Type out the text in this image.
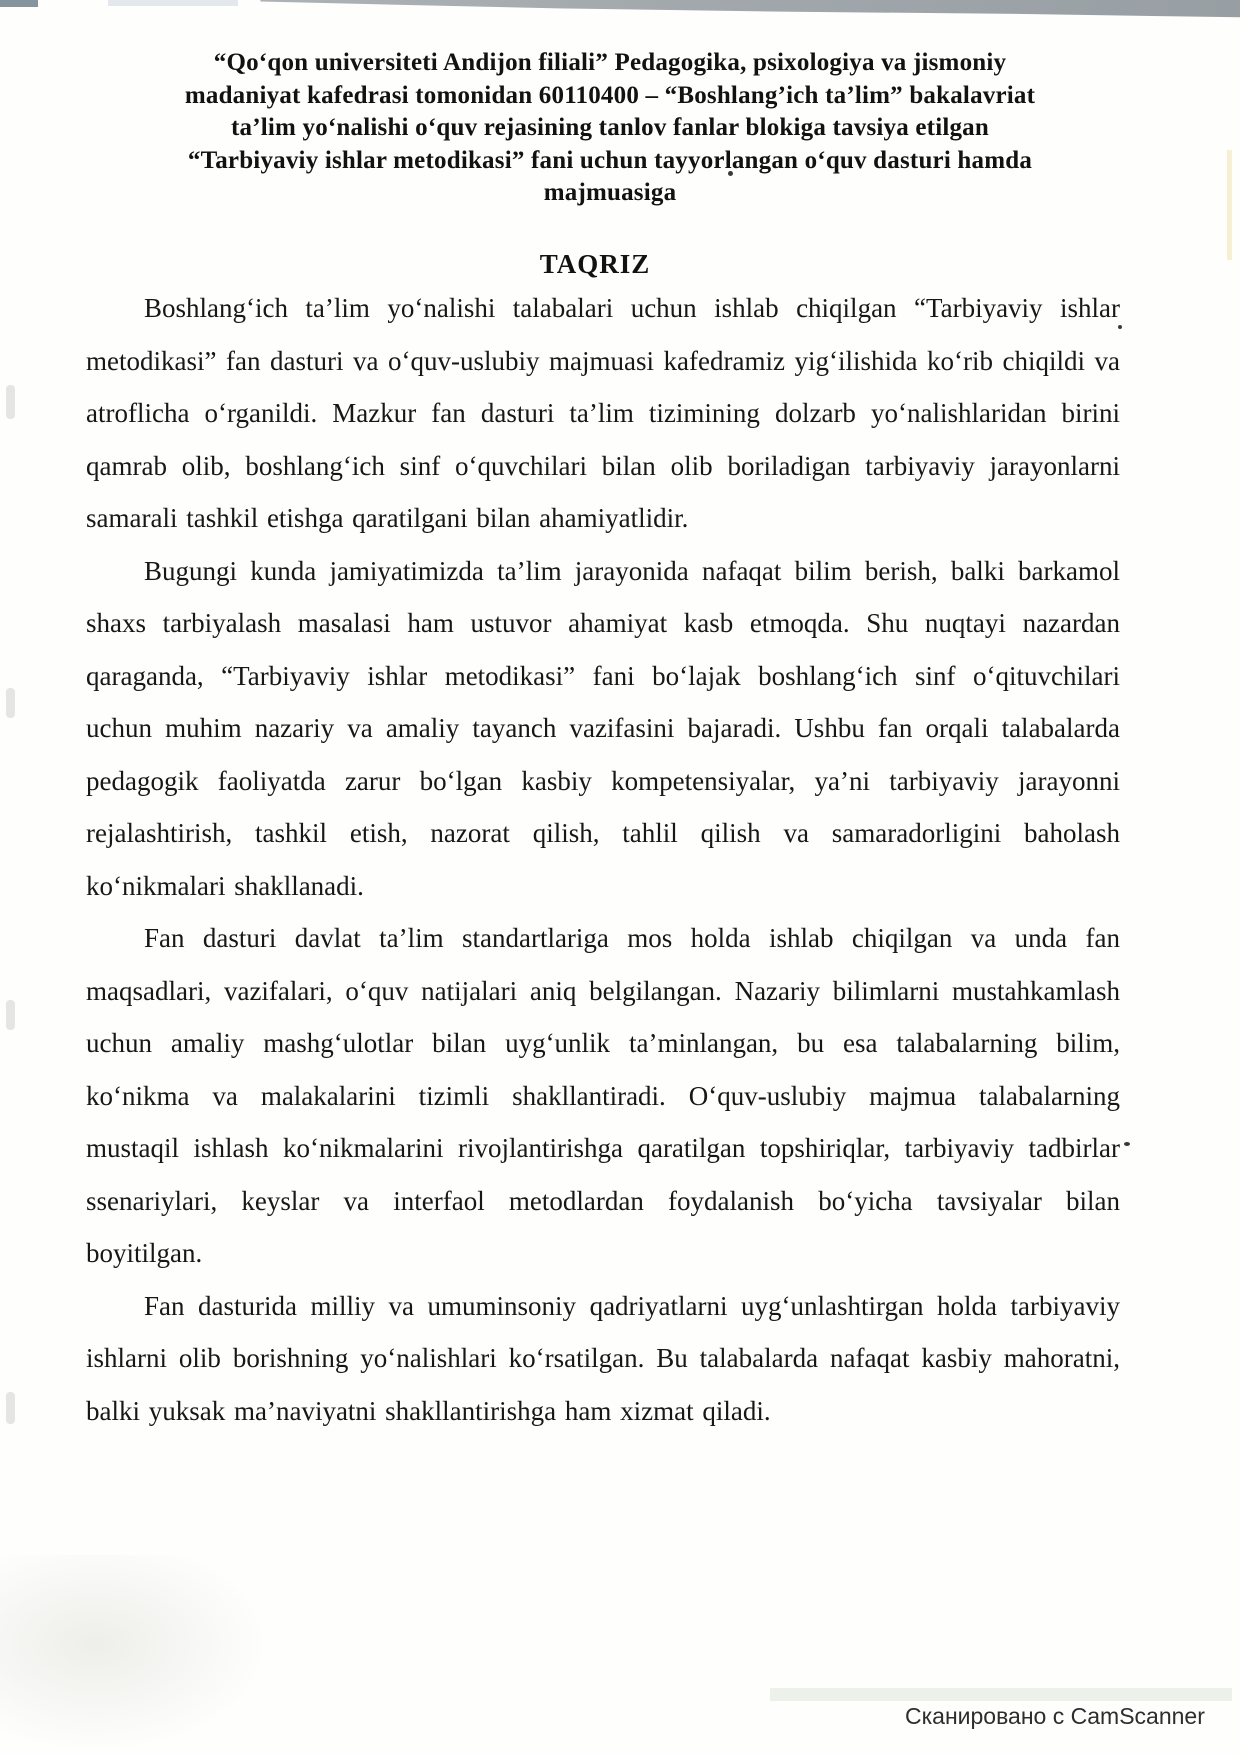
“Qoʻqon universiteti Andijon filiali” Pedagogika, psixologiya va jismoniy
madaniyat kafedrasi tomonidan 60110400 – “Boshlang’ich ta’lim” bakalavriat
ta’lim yoʻnalishi oʻquv rejasining tanlov fanlar blokiga tavsiya etilgan
“Tarbiyaviy ishlar metodikasi” fani uchun tayyorlangan oʻquv dasturi hamda
majmuasiga
TAQRIZ

Boshlangʻich ta’lim yoʻnalishi talabalari uchun ishlab chiqilgan “Tarbiyaviy ishlar metodikasi” fan dasturi va oʻquv-uslubiy majmuasi kafedramiz yigʻilishida koʻrib chiqildi va atroflicha oʻrganildi. Mazkur fan dasturi ta’lim tizimining dolzarb yoʻnalishlaridan birini qamrab olib, boshlangʻich sinf oʻquvchilari bilan olib boriladigan tarbiyaviy jarayonlarni samarali tashkil etishga qaratilgani bilan ahamiyatlidir.

Bugungi kunda jamiyatimizda ta’lim jarayonida nafaqat bilim berish, balki barkamol shaxs tarbiyalash masalasi ham ustuvor ahamiyat kasb etmoqda. Shu nuqtayi nazardan qaraganda, “Tarbiyaviy ishlar metodikasi” fani boʻlajak boshlangʻich sinf oʻqituvchilari uchun muhim nazariy va amaliy tayanch vazifasini bajaradi. Ushbu fan orqali talabalarda pedagogik faoliyatda zarur boʻlgan kasbiy kompetensiyalar, ya’ni tarbiyaviy jarayonni rejalashtirish, tashkil etish, nazorat qilish, tahlil qilish va samaradorligini baholash koʻnikmalari shakllanadi.

Fan dasturi davlat ta’lim standartlariga mos holda ishlab chiqilgan va unda fan maqsadlari, vazifalari, oʻquv natijalari aniq belgilangan. Nazariy bilimlarni mustahkamlash uchun amaliy mashgʻulotlar bilan uygʻunlik ta’minlangan, bu esa talabalarning bilim, koʻnikma va malakalarini tizimli shakllantiradi. Oʻquv-uslubiy majmua talabalarning mustaqil ishlash koʻnikmalarini rivojlantirishga qaratilgan topshiriqlar, tarbiyaviy tadbirlar ssenariylari, keyslar va interfaol metodlardan foydalanish boʻyicha tavsiyalar bilan boyitilgan.

Fan dasturida milliy va umuminsoniy qadriyatlarni uygʻunlashtirgan holda tarbiyaviy ishlarni olib borishning yoʻnalishlari koʻrsatilgan. Bu talabalarda nafaqat kasbiy mahoratni, balki yuksak ma’naviyatni shakllantirishga ham xizmat qiladi.

Сканировано с CamScanner
